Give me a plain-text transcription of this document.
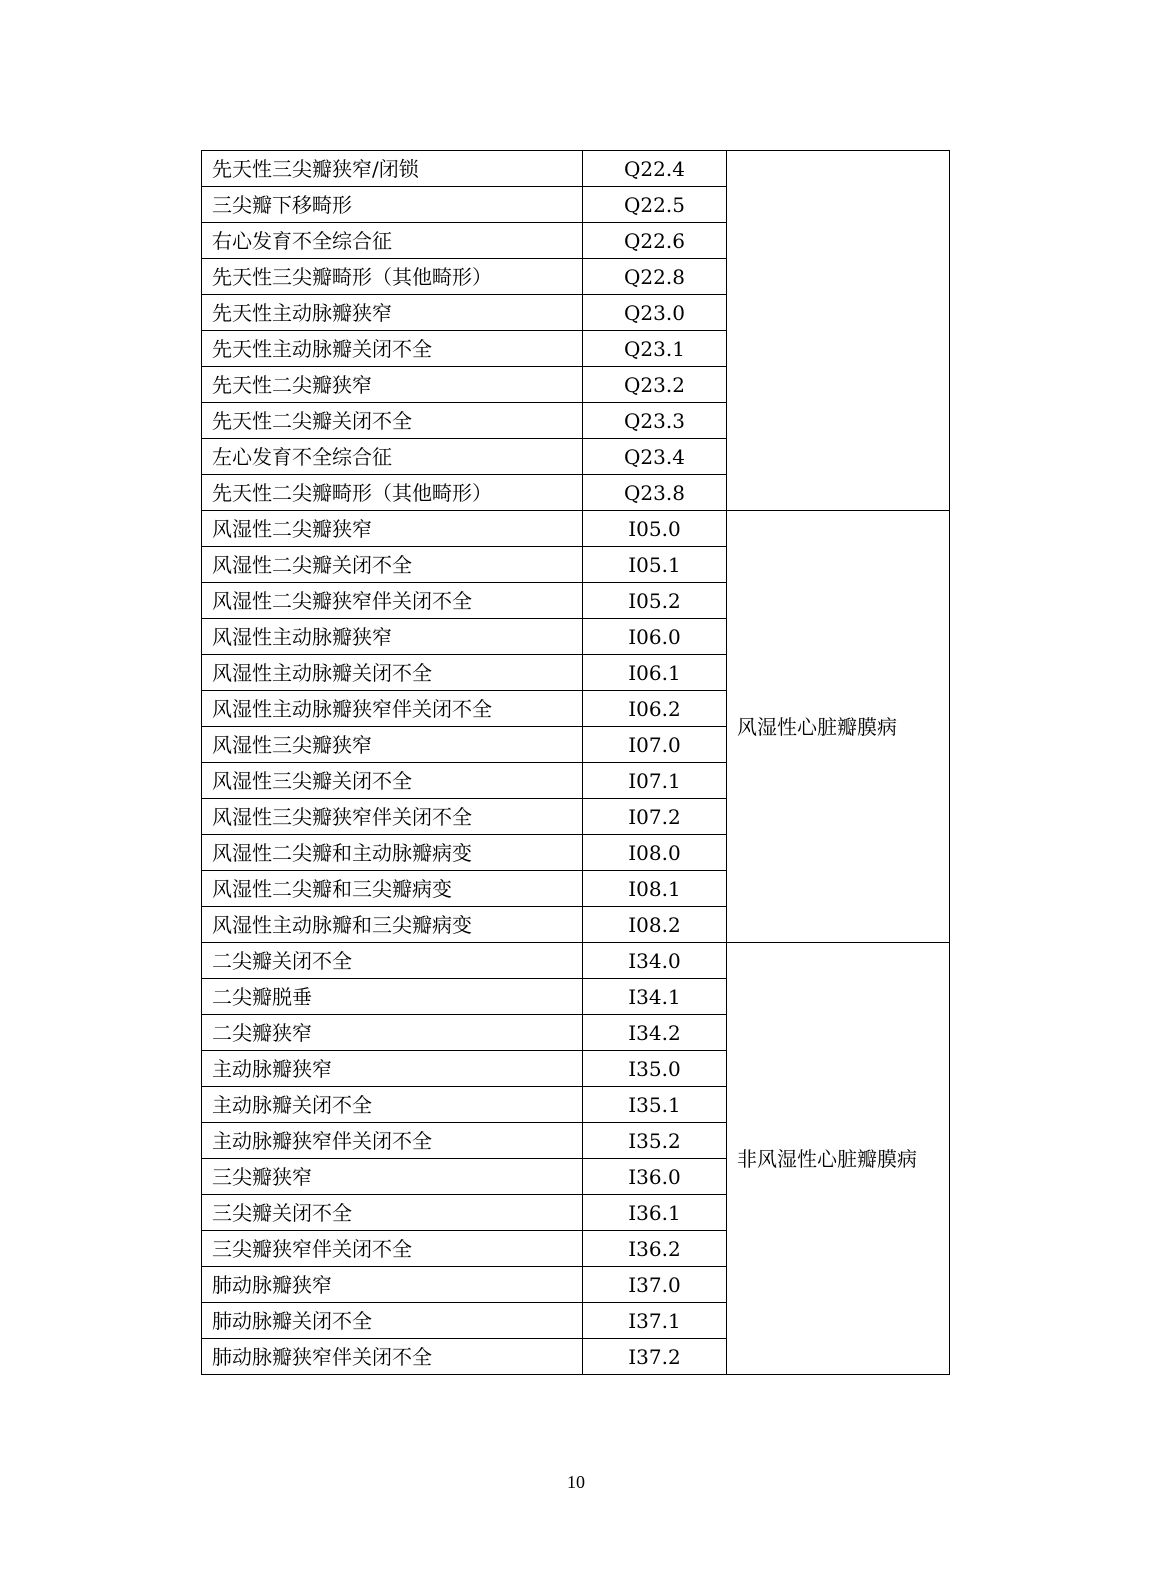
先天性三尖瓣狭窄/闭锁	Q22.4	
三尖瓣下移畸形	Q22.5	
右心发育不全综合征	Q22.6	
先天性三尖瓣畸形（其他畸形）	Q22.8	
先天性主动脉瓣狭窄	Q23.0	
先天性主动脉瓣关闭不全	Q23.1	
先天性二尖瓣狭窄	Q23.2	
先天性二尖瓣关闭不全	Q23.3	
左心发育不全综合征	Q23.4	
先天性二尖瓣畸形（其他畸形）	Q23.8	
风湿性二尖瓣狭窄	I05.0	风湿性心脏瓣膜病
风湿性二尖瓣关闭不全	I05.1	
风湿性二尖瓣狭窄伴关闭不全	I05.2	
风湿性主动脉瓣狭窄	I06.0	
风湿性主动脉瓣关闭不全	I06.1	
风湿性主动脉瓣狭窄伴关闭不全	I06.2	
风湿性三尖瓣狭窄	I07.0	
风湿性三尖瓣关闭不全	I07.1	
风湿性三尖瓣狭窄伴关闭不全	I07.2	
风湿性二尖瓣和主动脉瓣病变	I08.0	
风湿性二尖瓣和三尖瓣病变	I08.1	
风湿性主动脉瓣和三尖瓣病变	I08.2	
二尖瓣关闭不全	I34.0	非风湿性心脏瓣膜病
二尖瓣脱垂	I34.1	
二尖瓣狭窄	I34.2	
主动脉瓣狭窄	I35.0	
主动脉瓣关闭不全	I35.1	
主动脉瓣狭窄伴关闭不全	I35.2	
三尖瓣狭窄	I36.0	
三尖瓣关闭不全	I36.1	
三尖瓣狭窄伴关闭不全	I36.2	
肺动脉瓣狭窄	I37.0	
肺动脉瓣关闭不全	I37.1	
肺动脉瓣狭窄伴关闭不全	I37.2	
10
